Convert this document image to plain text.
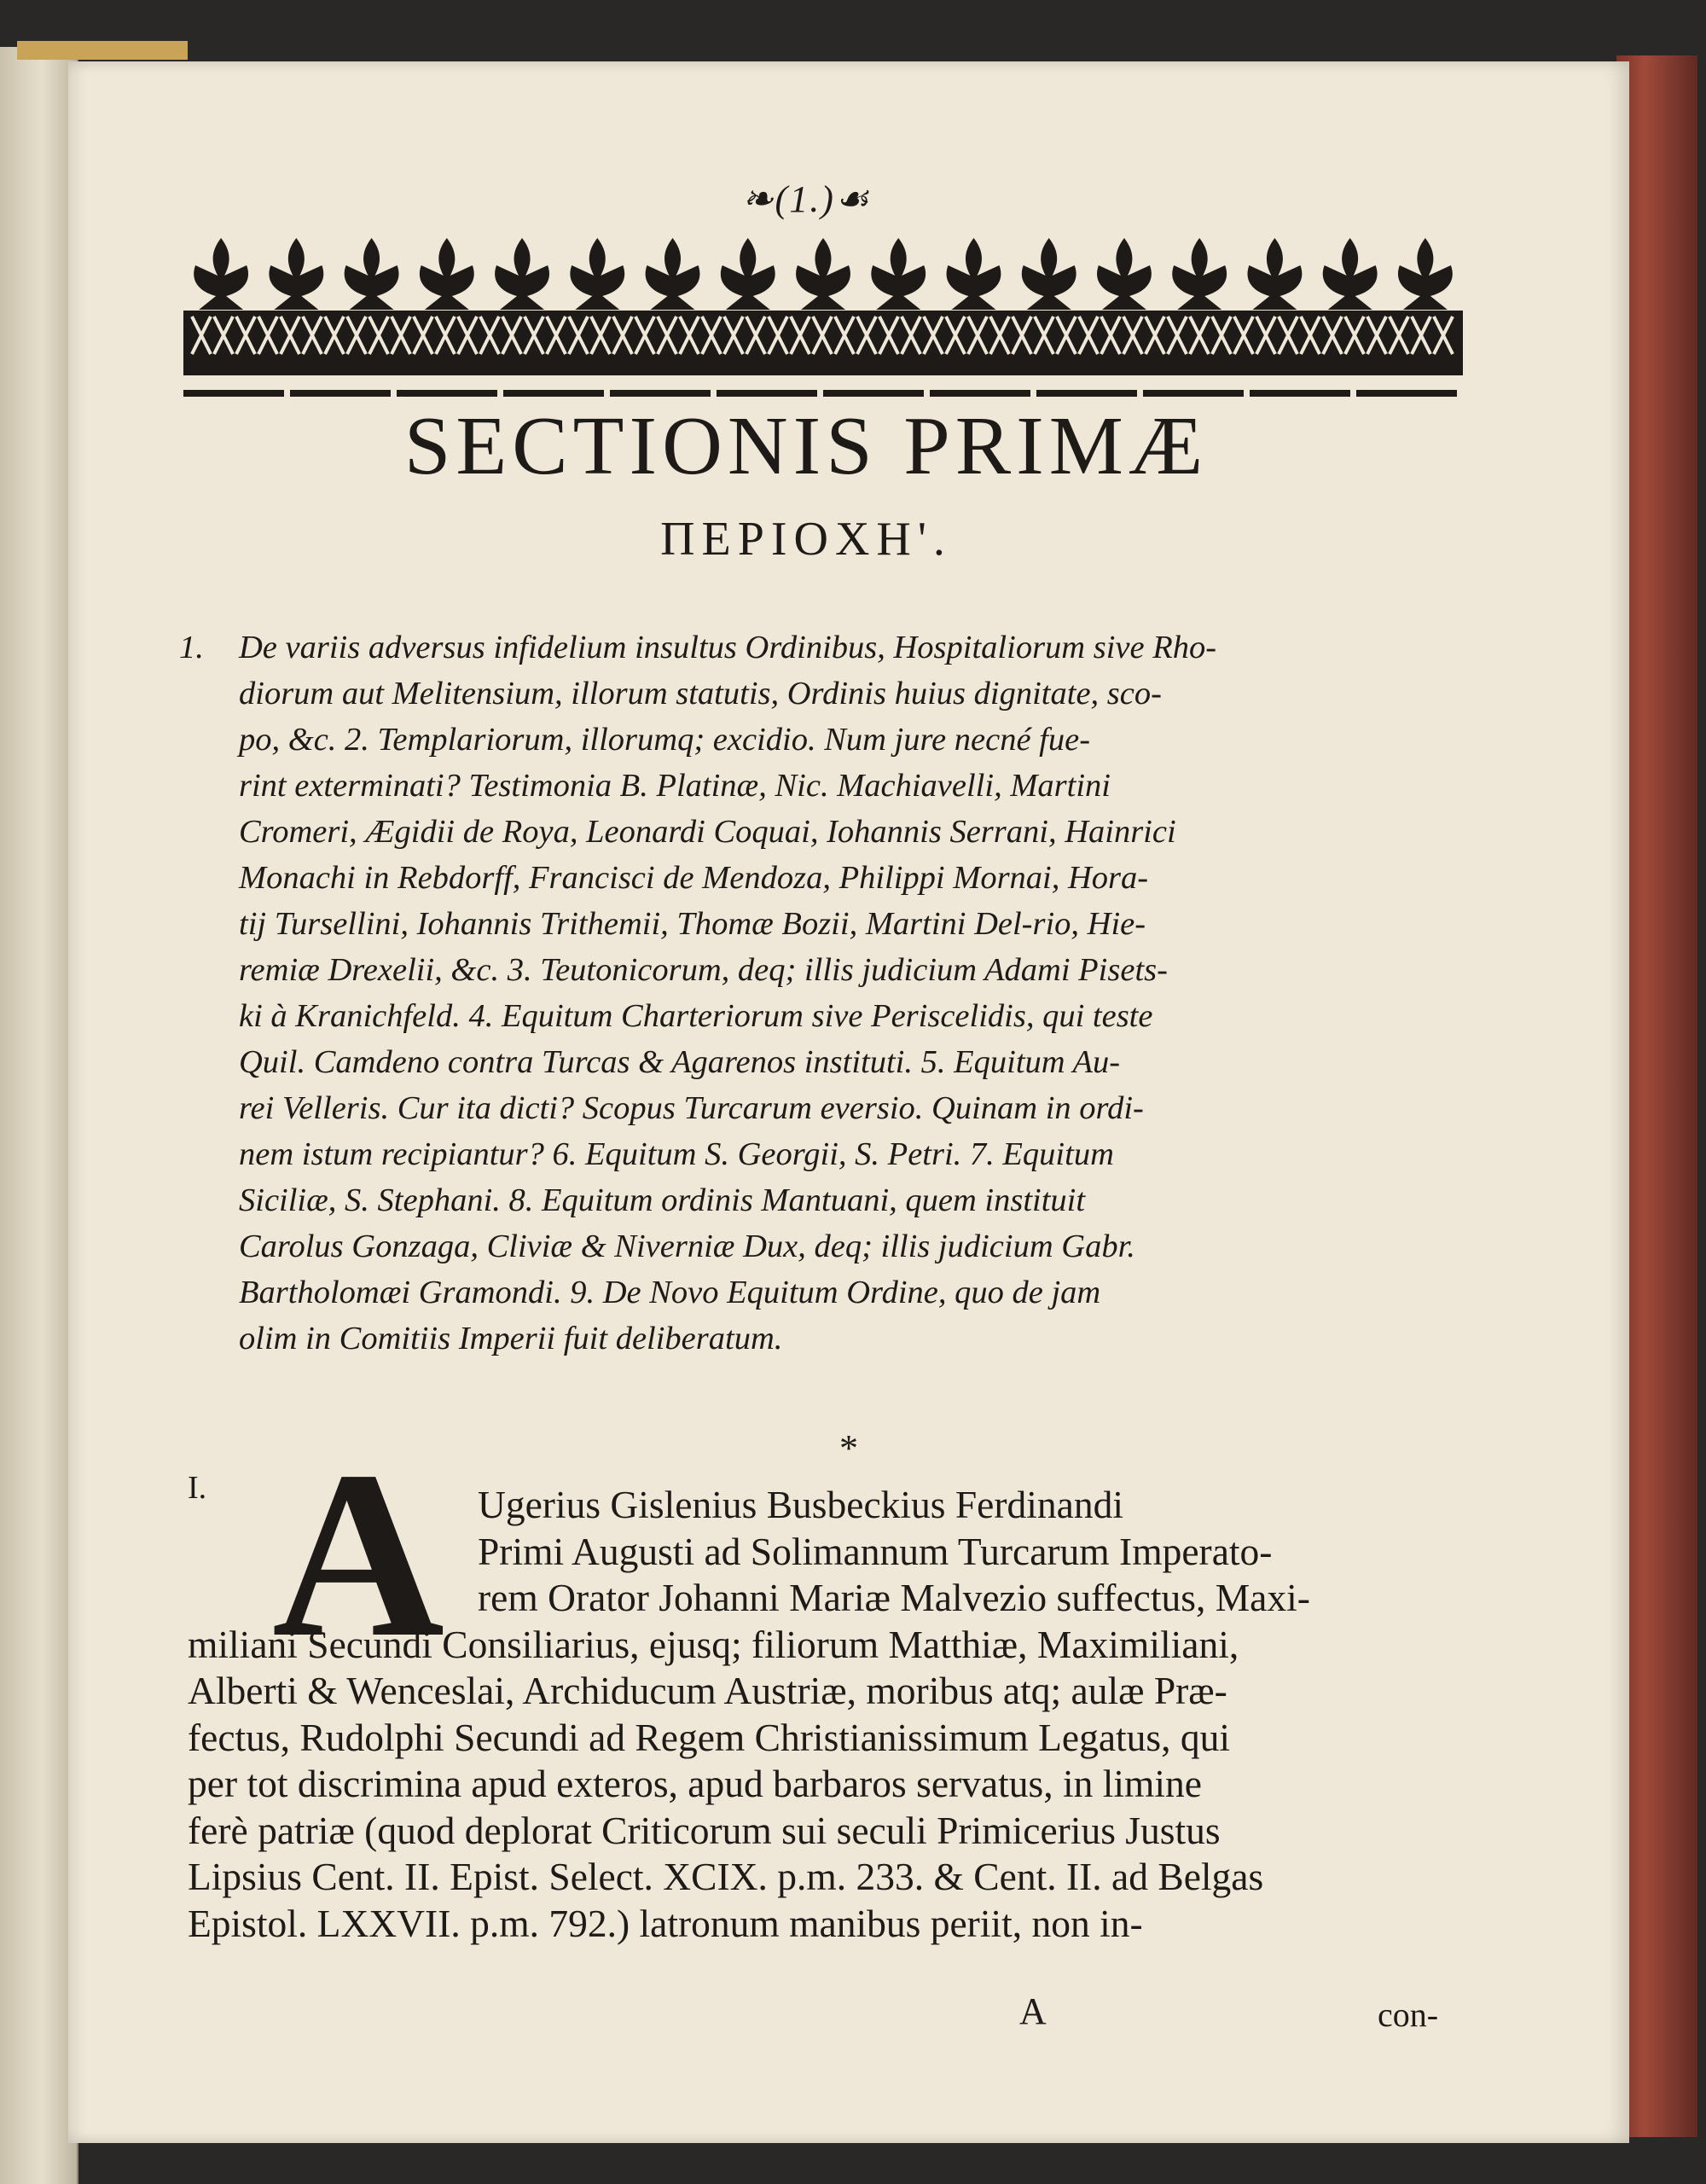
❧(1.)☙
SECTIONIS PRIMÆ
ΠΕΡΙΟΧΗ'.
1. De variis adversus infidelium insultus Ordinibus, Hospitaliorum sive Rho-
diorum aut Melitensium, illorum statutis, Ordinis huius dignitate, sco-
po, &c. 2. Templariorum, illorumq; excidio. Num jure necné fue-
rint exterminati? Testimonia B. Platinæ, Nic. Machiavelli, Martini
Cromeri, Ægidii de Roya, Leonardi Coquai, Iohannis Serrani, Hainrici
Monachi in Rebdorff, Francisci de Mendoza, Philippi Mornai, Hora-
tij Tursellini, Iohannis Trithemii, Thomæ Bozii, Martini Del-rio, Hie-
remiæ Drexelii, &c. 3. Teutonicorum, deq; illis judicium Adami Pisets-
ki à Kranichfeld. 4. Equitum Charteriorum sive Periscelidis, qui teste
Quil. Camdeno contra Turcas & Agarenos instituti. 5. Equitum Au-
rei Velleris. Cur ita dicti? Scopus Turcarum eversio. Quinam in ordi-
nem istum recipiantur? 6. Equitum S. Georgii, S. Petri. 7. Equitum
Siciliæ, S. Stephani. 8. Equitum ordinis Mantuani, quem instituit
Carolus Gonzaga, Cliviæ & Niverniæ Dux, deq; illis judicium Gabr.
Bartholomæi Gramondi. 9. De Novo Equitum Ordine, quo de jam
olim in Comitiis Imperii fuit deliberatum.
*
I. A Ugerius Gislenius Busbeckius Ferdinandi
Primi Augusti ad Solimannum Turcarum Imperato-
rem Orator Johanni Mariæ Malvezio suffectus, Maxi-
miliani Secundi Consiliarius, ejusq; filiorum Matthiæ, Maximiliani,
Alberti & Wenceslai, Archiducum Austriæ, moribus atq; aulæ Præ-
fectus, Rudolphi Secundi ad Regem Christianissimum Legatus, qui
per tot discrimina apud exteros, apud barbaros servatus, in limine
ferè patriæ (quod deplorat Criticorum sui seculi Primicerius Justus
Lipsius Cent. II. Epist. Select. XCIX. p.m. 233. & Cent. II. ad Belgas
Epistol. LXXVII. p.m. 792.) latronum manibus periit, non in-
A	con-
